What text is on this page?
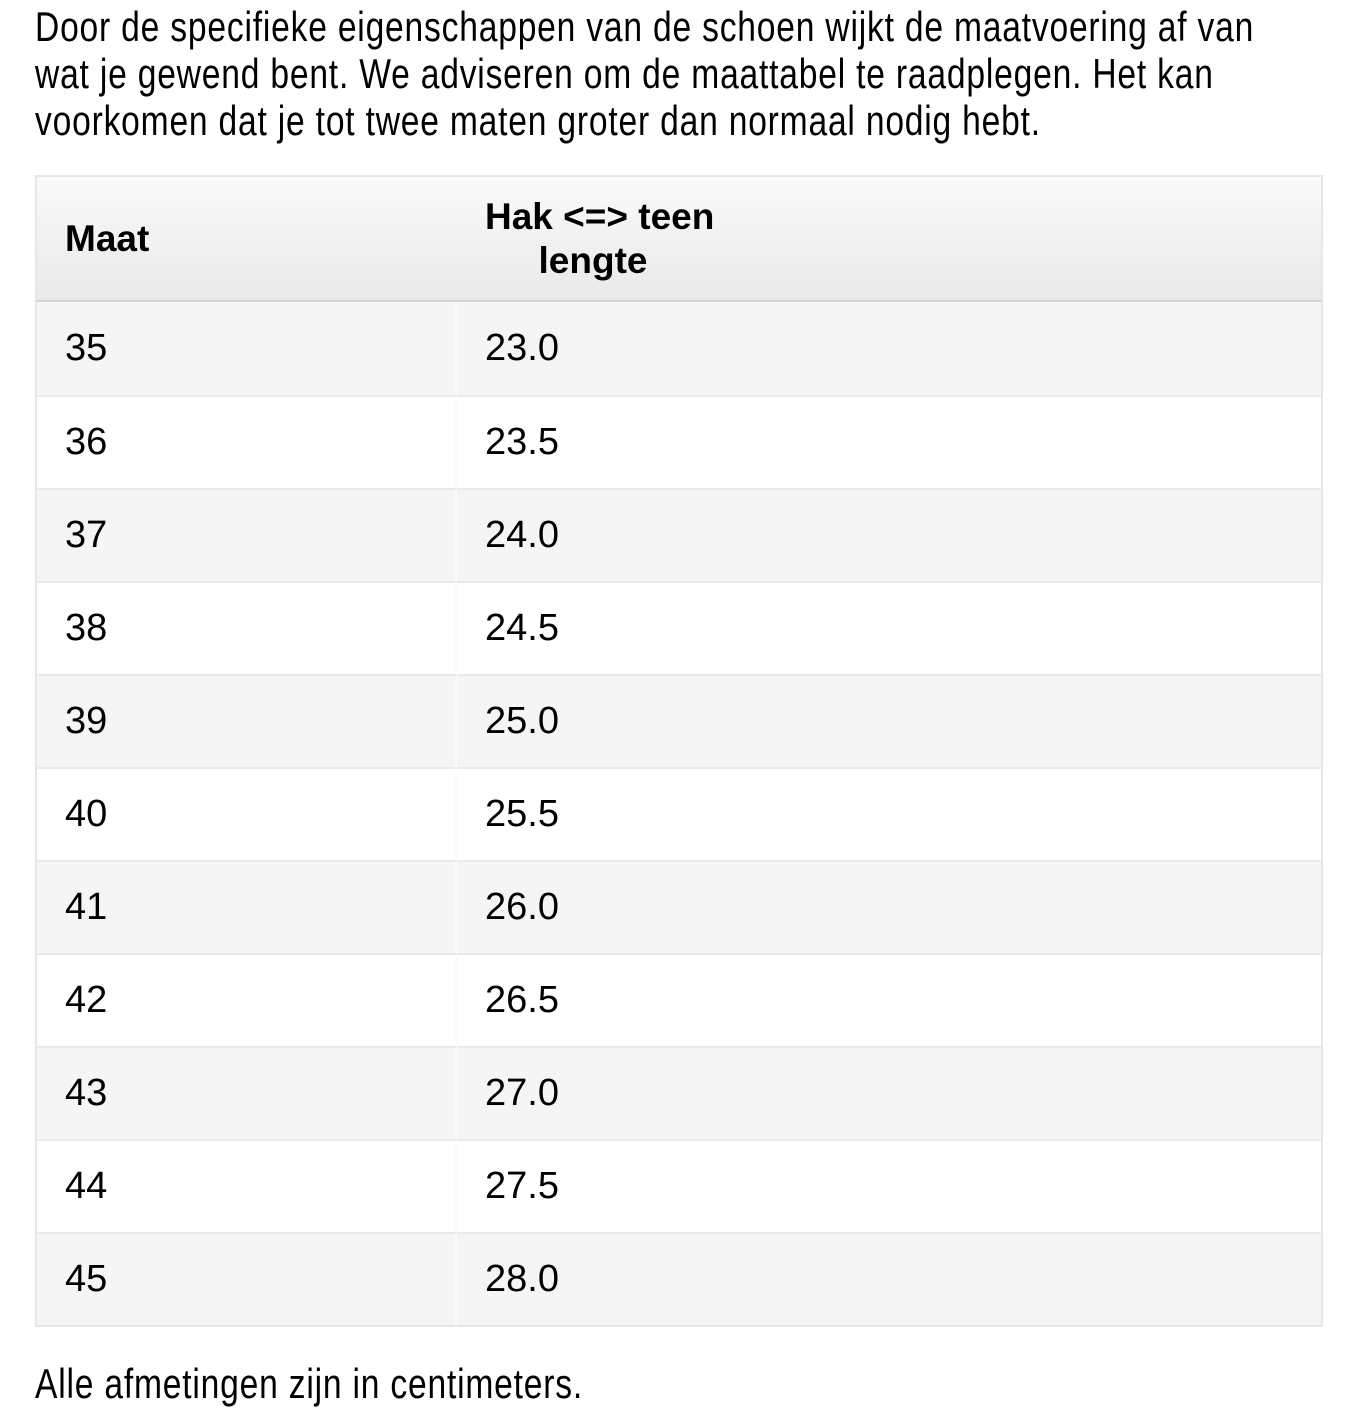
Door de specifieke eigenschappen van de schoen wijkt de maatvoering af van
wat je gewend bent. We adviseren om de maattabel te raadplegen. Het kan
voorkomen dat je tot twee maten groter dan normaal nodig hebt.

Maat	Hak <=> teen
lengte

35	23.0
36	23.5
37	24.0
38	24.5
39	25.0
40	25.5
41	26.0
42	26.5
43	27.0
44	27.5
45	28.0

Alle afmetingen zijn in centimeters.
